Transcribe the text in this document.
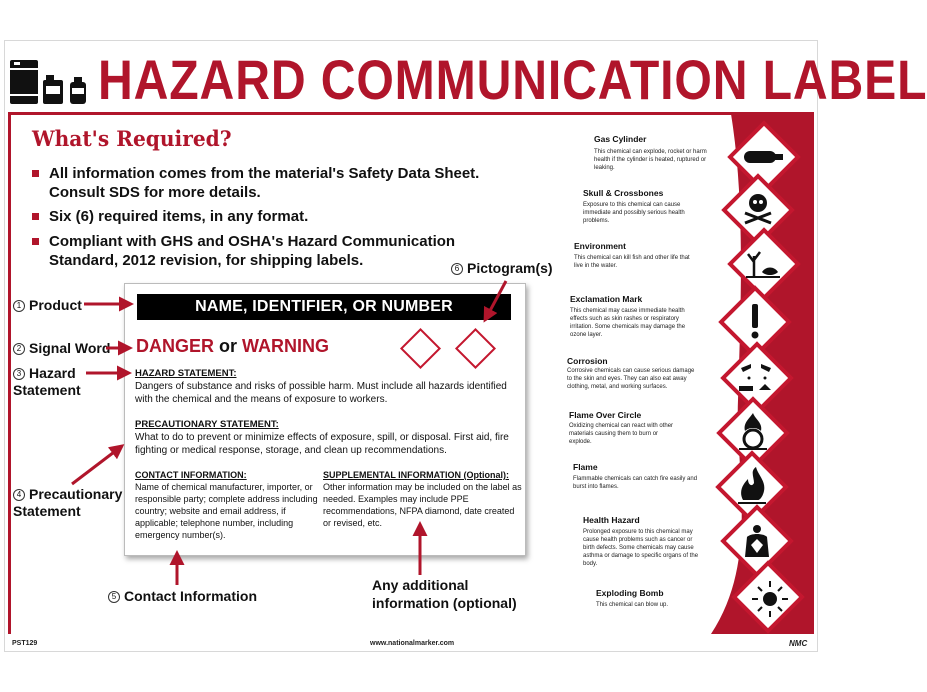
HAZARD COMMUNICATION LABEL
What's Required?
All information comes from the material's Safety Data Sheet. Consult SDS for more details.
Six (6) required items, in any format.
Compliant with GHS and OSHA's Hazard Communication Standard, 2012 revision, for shipping labels.
1 Product
2 Signal Word
3 Hazard Statement
4 Precautionary Statement
5 Contact Information
6 Pictogram(s)
Any additional information (optional)
NAME, IDENTIFIER, OR NUMBER
DANGER or WARNING
HAZARD STATEMENT:
Dangers of substance and risks of possible harm. Must include all hazards identified with the chemical and the means of exposure to workers.
PRECAUTIONARY STATEMENT:
What to do to prevent or minimize effects of exposure, spill, or disposal. First aid, fire fighting or medical response, storage, and clean up recommendations.
CONTACT INFORMATION:
Name of chemical manufacturer, importer, or responsible party; complete address including country; website and email address, if applicable; telephone number, including emergency number(s).
SUPPLEMENTAL INFORMATION (Optional):
Other information may be included on the label as needed. Examples may include PPE recommendations, NFPA diamond, date created or revised, etc.
Gas Cylinder
This chemical can explode, rocket or harm health if the cylinder is heated, ruptured or leaking.
Skull & Crossbones
Exposure to this chemical can cause immediate and possibly serious health problems.
Environment
This chemical can kill fish and other life that live in the water.
Exclamation Mark
This chemical may cause immediate health effects such as skin rashes or respiratory irritation. Some chemicals may damage the ozone layer.
Corrosion
Corrosive chemicals can cause serious damage to the skin and eyes. They can also eat away clothing, metal, and working surfaces.
Flame Over Circle
Oxidizing chemical can react with other materials causing them to burn or explode.
Flame
Flammable chemicals can catch fire easily and burst into flames.
Health Hazard
Prolonged exposure to this chemical may cause health problems such as cancer or birth defects. Some chemicals may cause asthma or damage to specific organs of the body.
Exploding Bomb
This chemical can blow up.
PST129	www.nationalmarker.com	NMC
